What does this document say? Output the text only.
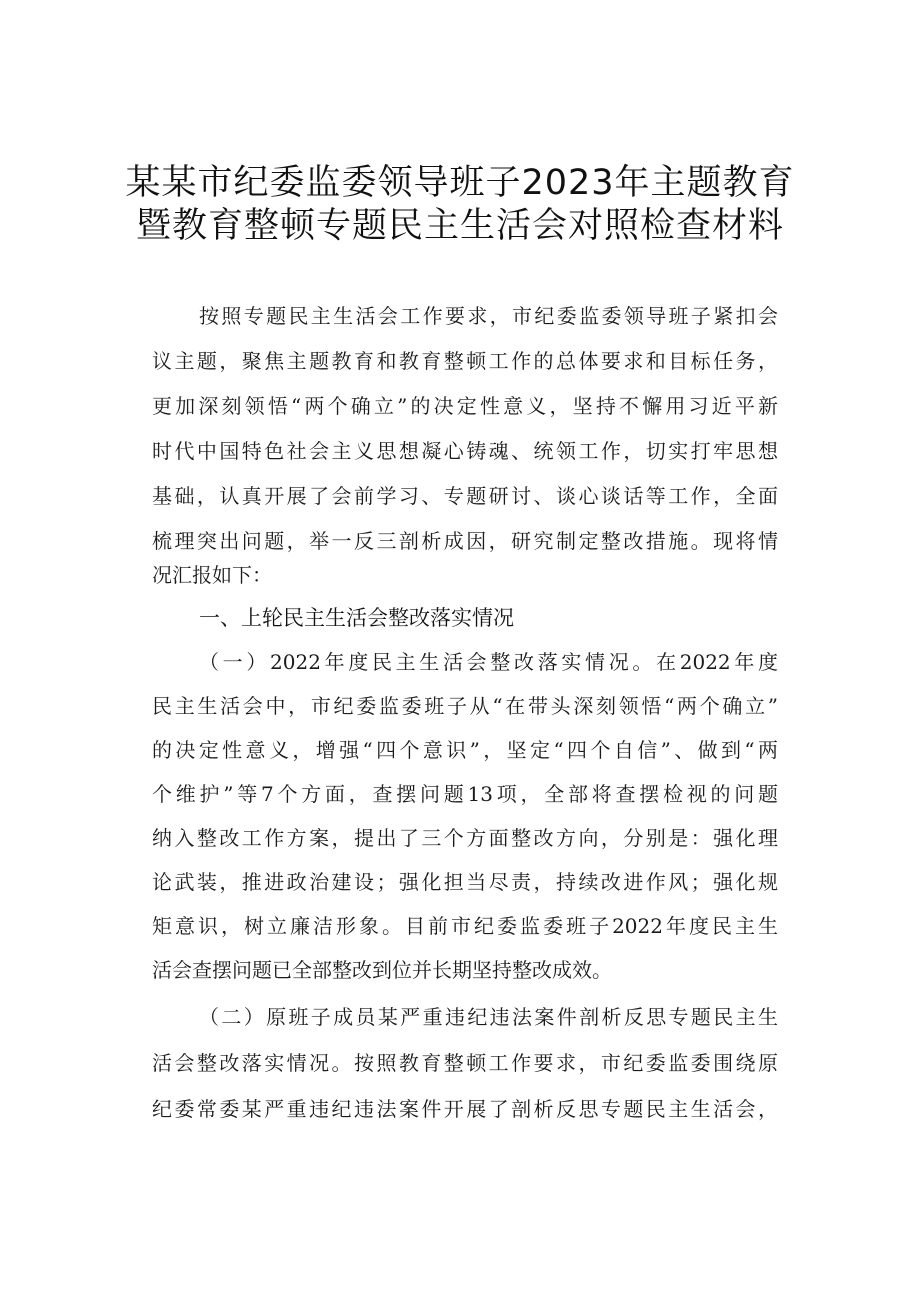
某某市纪委监委领导班子2023年主题教育
暨教育整顿专题民主生活会对照检查材料
按照专题民主生活会工作要求，市纪委监委领导班子紧扣会
议主题，聚焦主题教育和教育整顿工作的总体要求和目标任务，
更加深刻领悟“两个确立”的决定性意义，坚持不懈用习近平新
时代中国特色社会主义思想凝心铸魂、统领工作，切实打牢思想
基础，认真开展了会前学习、专题研讨、谈心谈话等工作，全面
梳理突出问题，举一反三剖析成因，研究制定整改措施。现将情
况汇报如下：
一、上轮民主生活会整改落实情况
（一）2022年度民主生活会整改落实情况。在2022年度
民主生活会中，市纪委监委班子从“在带头深刻领悟“两个确立”
的决定性意义，增强“四个意识”，坚定“四个自信”、做到“两
个维护”等7个方面，查摆问题13项，全部将查摆检视的问题
纳入整改工作方案，提出了三个方面整改方向，分别是：强化理
论武装，推进政治建设；强化担当尽责，持续改进作风；强化规
矩意识，树立廉洁形象。目前市纪委监委班子2022年度民主生
活会查摆问题已全部整改到位并长期坚持整改成效。
（二）原班子成员某严重违纪违法案件剖析反思专题民主生
活会整改落实情况。按照教育整顿工作要求，市纪委监委围绕原
纪委常委某严重违纪违法案件开展了剖析反思专题民主生活会，
